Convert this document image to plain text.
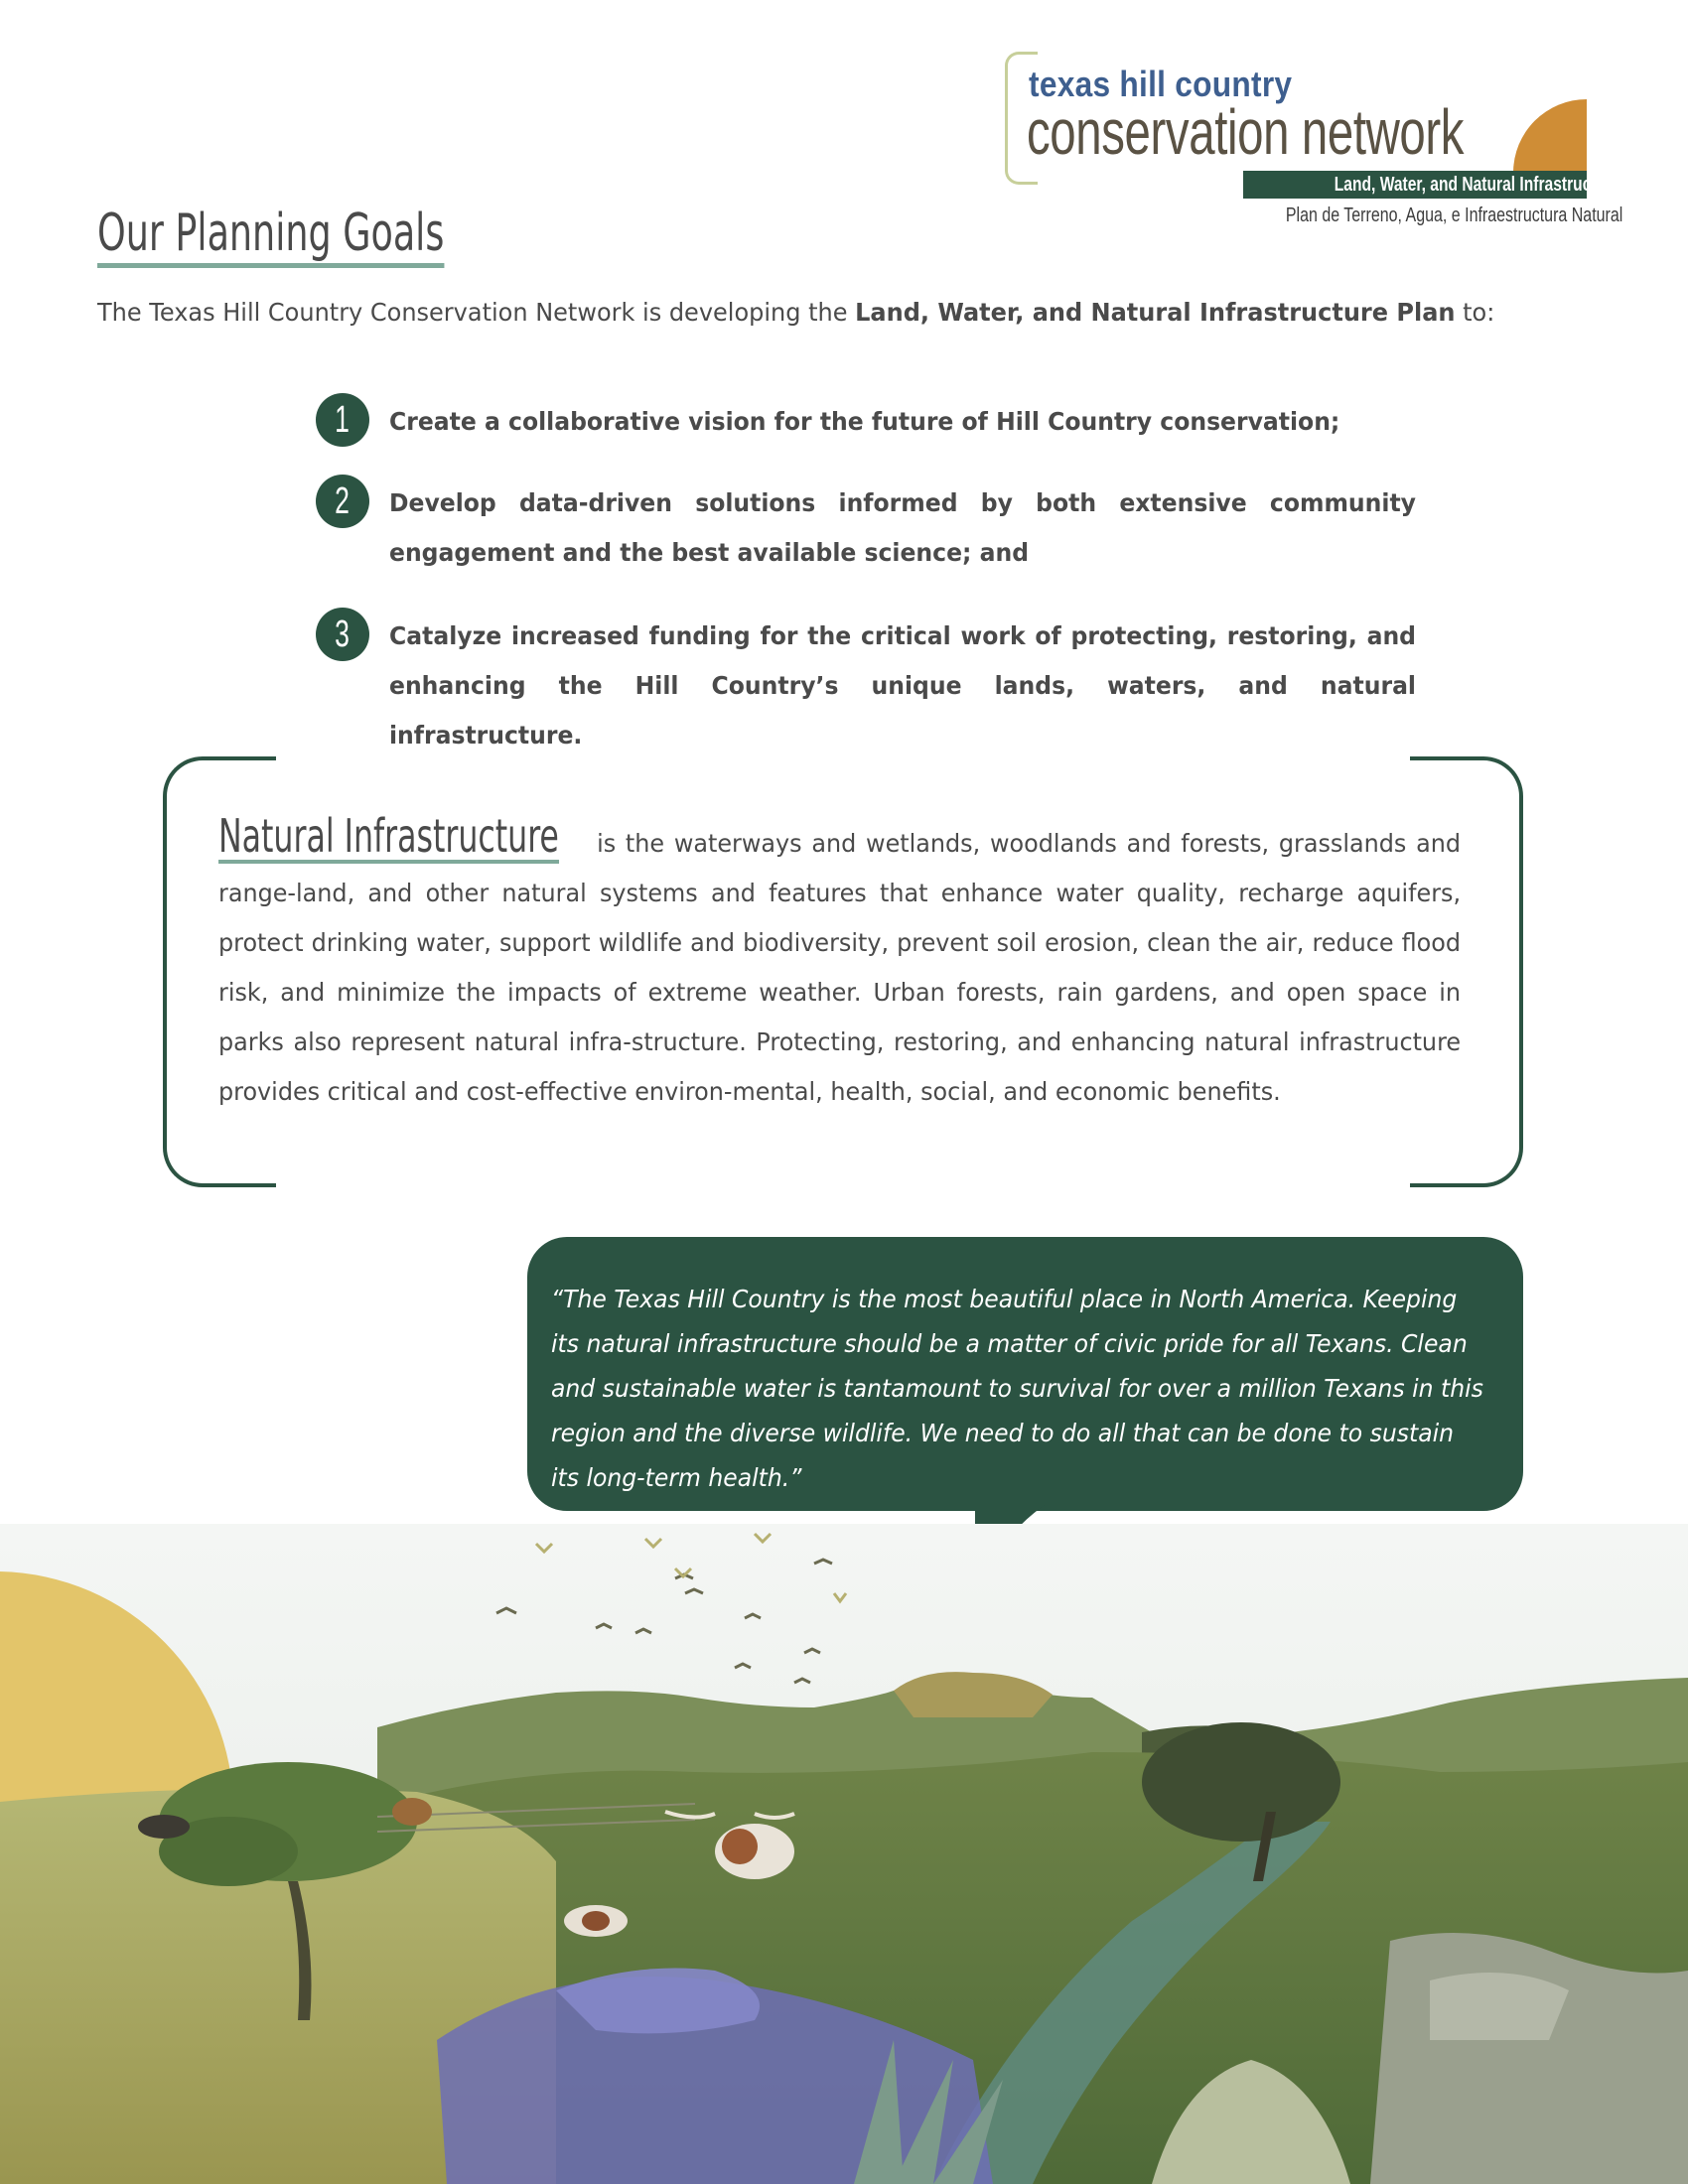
texas hill country
conservation network
Land, Water, and Natural Infrastructure Plan
Plan de Terreno, Agua, e Infraestructura Natural
Our Planning Goals
The Texas Hill Country Conservation Network is developing the Land, Water, and Natural Infrastructure Plan to:
1	Create a collaborative vision for the future of Hill Country conservation;
2	Develop data-driven solutions informed by both extensive community engagement and the best available science; and
3	Catalyze increased funding for the critical work of protecting, restoring, and enhancing the Hill Country’s unique lands, waters, and natural infrastructure.
Natural Infrastructure is the waterways and wetlands, woodlands and forests, grasslands and range-land, and other natural systems and features that enhance water quality, recharge aquifers, protect drinking water, support wildlife and biodiversity, prevent soil erosion, clean the air, reduce flood risk, and minimize the impacts of extreme weather. Urban forests, rain gardens, and open space in parks also represent natural infra-structure. Protecting, restoring, and enhancing natural infrastructure provides critical and cost-effective environ-mental, health, social, and economic benefits.
“The Texas Hill Country is the most beautiful place in North America. Keeping its natural infrastructure should be a matter of civic pride for all Texans. Clean and sustainable water is tantamount to survival for over a million Texans in this region and the diverse wildlife. We need to do all that can be done to sustain its long-term health.”
